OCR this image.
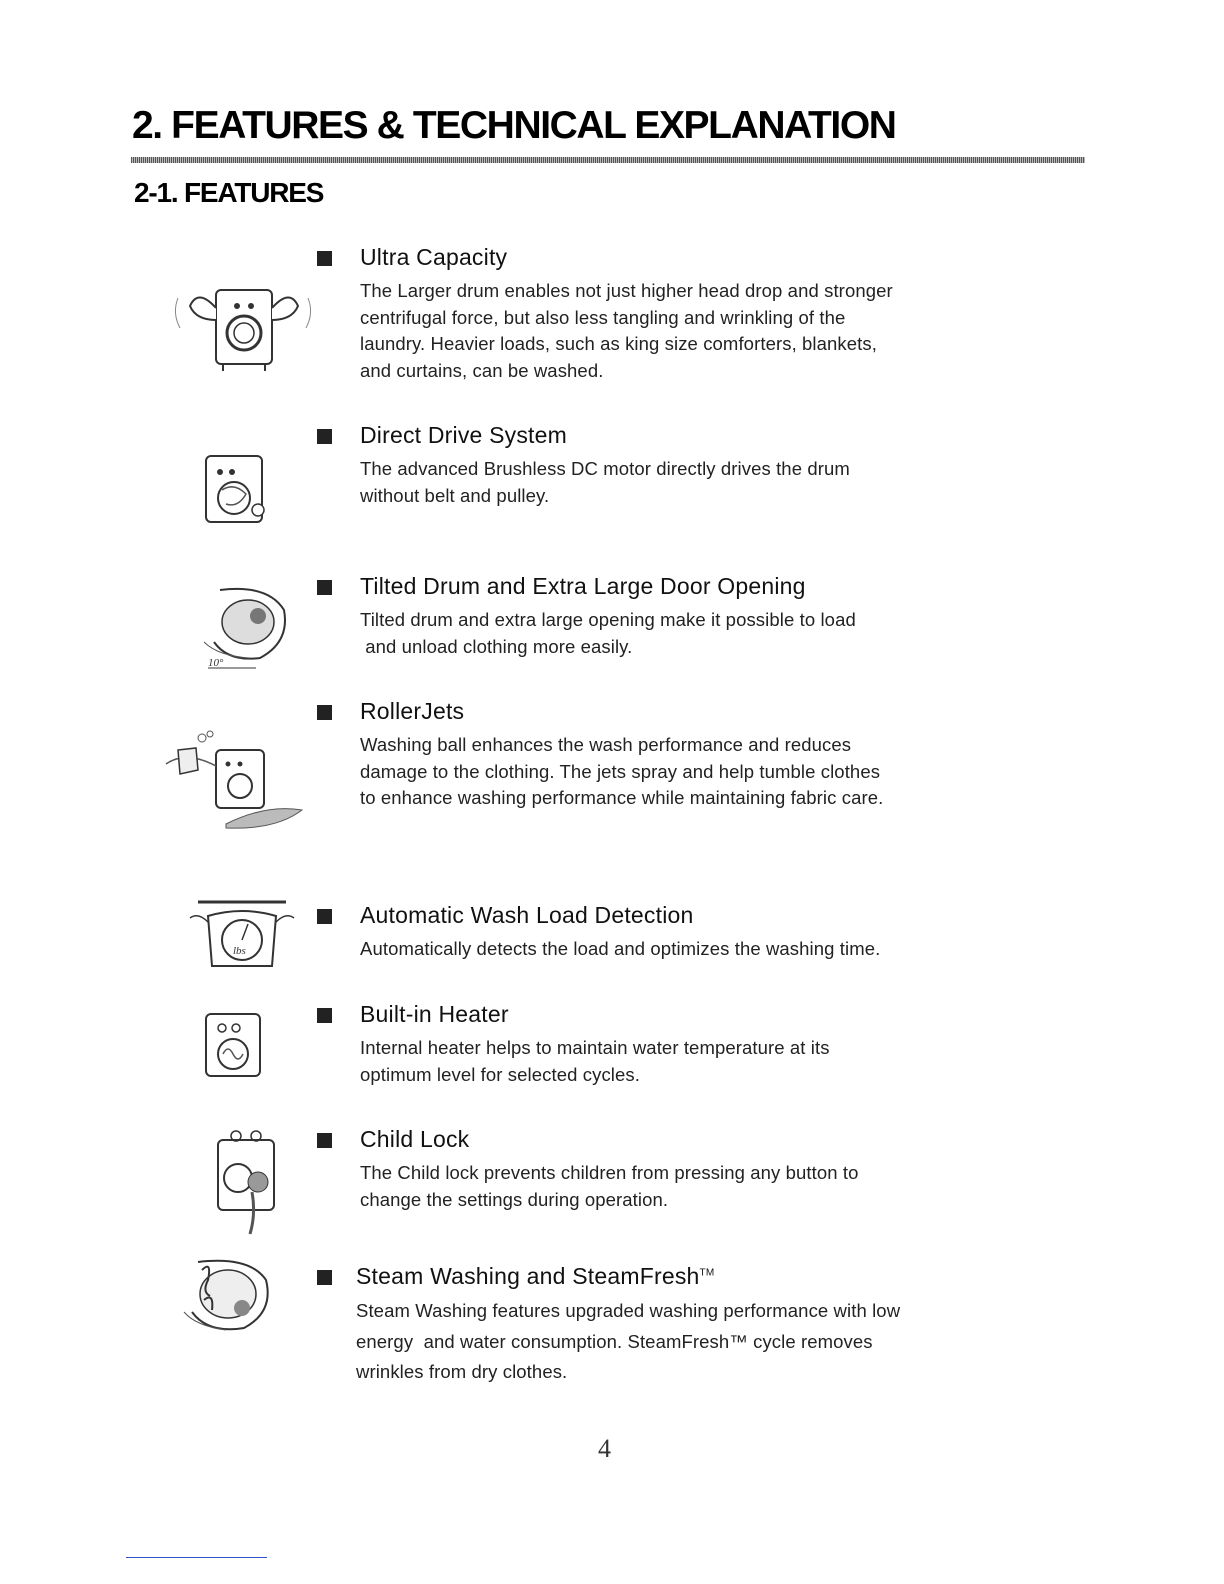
2. FEATURES & TECHNICAL EXPLANATION
2-1. FEATURES
Ultra Capacity
The Larger drum enables not just higher head drop and stronger
centrifugal force, but also less tangling and wrinkling of the
laundry. Heavier loads, such as king size comforters, blankets,
and curtains, can be washed.
Direct Drive System
The advanced Brushless DC motor directly drives the drum
without belt and pulley.
10°
Tilted Drum and Extra Large Door Opening
Tilted drum and extra large opening make it possible to load
and unload clothing more easily.
RollerJets
Washing ball enhances the wash performance and reduces
damage to the clothing. The jets spray and help tumble clothes
to enhance washing performance while maintaining fabric care.
lbs
Automatic Wash Load Detection
Automatically detects the load and optimizes the washing time.
Built-in Heater
Internal heater helps to maintain water temperature at its
optimum level for selected cycles.
Child Lock
The Child lock prevents children from pressing any button to
change the settings during operation.
Steam Washing and SteamFresh™
Steam Washing features upgraded washing performance with low
energy  and water consumption. SteamFresh™ cycle removes
wrinkles from dry clothes.
4
